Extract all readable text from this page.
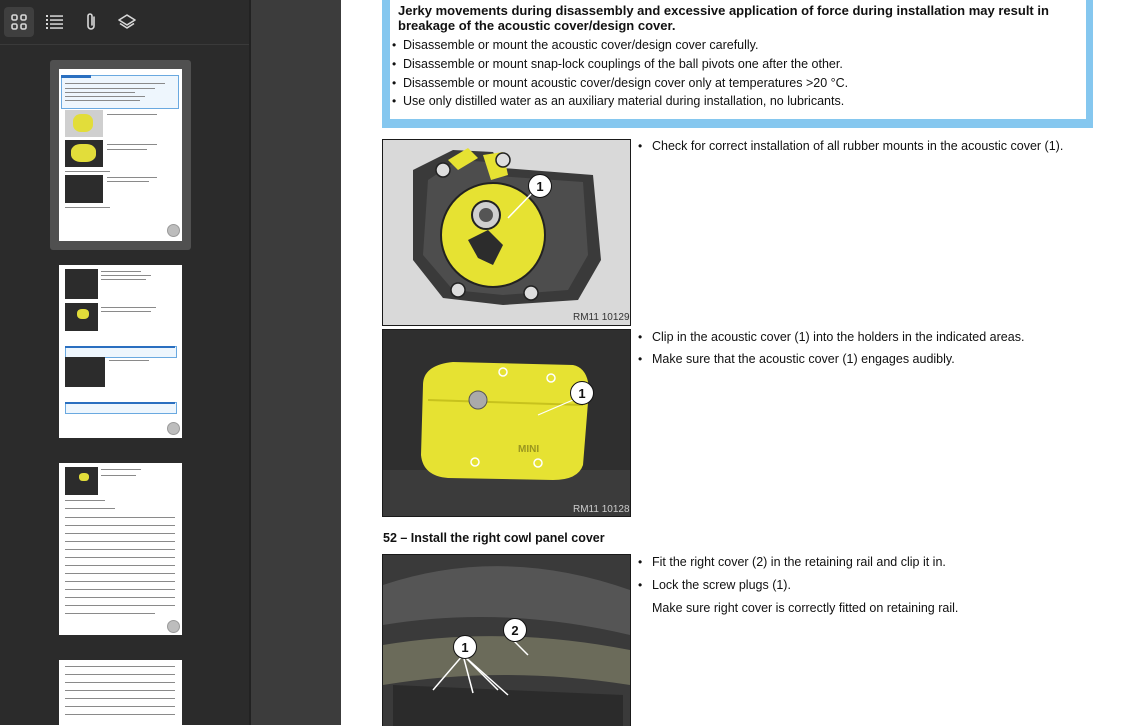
Jerky movements during disassembly and excessive application of force during installation may result in breakage of the acoustic cover/design cover.
• Disassemble or mount the acoustic cover/design cover carefully.
• Disassemble or mount snap-lock couplings of the ball pivots one after the other.
• Disassemble or mount acoustic cover/design cover only at temperatures >20 °C.
• Use only distilled water as an auxiliary material during installation, no lubricants.
1
RM11 10129
MINI
1
RM11 10128
• Check for correct installation of all rubber mounts in the acoustic cover (1).
• Clip in the acoustic cover (1) into the holders in the indicated areas.
• Make sure that the acoustic cover (1) engages audibly.
52 – Install the right cowl panel cover
1
2
• Fit the right cover (2) in the retaining rail and clip it in.
• Lock the screw plugs (1).
Make sure right cover is correctly fitted on retaining rail.
